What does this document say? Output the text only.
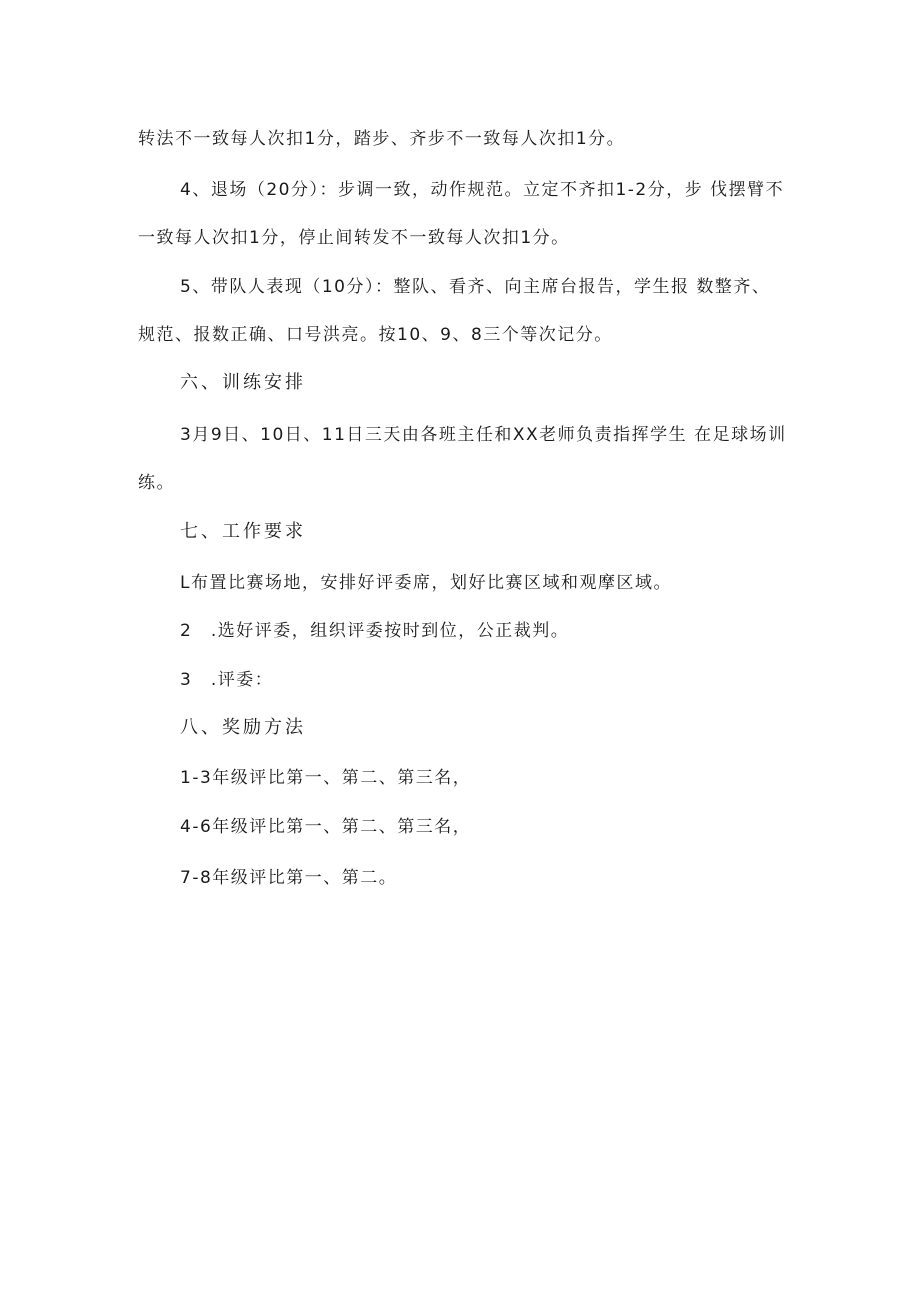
转法不一致每人次扣1分，踏步、齐步不一致每人次扣1分。
4、退场（20分）：步调一致，动作规范。立定不齐扣1-2分，步 伐摆臂不
一致每人次扣1分，停止间转发不一致每人次扣1分。
5、带队人表现（10分）：整队、看齐、向主席台报告，学生报 数整齐、
规范、报数正确、口号洪亮。按10、9、8三个等次记分。
六、训练安排
3月9日、10日、11日三天由各班主任和XX老师负责指挥学生 在足球场训
练。
七、工作要求
L布置比赛场地，安排好评委席，划好比赛区域和观摩区域。
2　.选好评委，组织评委按时到位，公正裁判。
3　.评委：
八、奖励方法
1-3年级评比第一、第二、第三名，
4-6年级评比第一、第二、第三名，
7-8年级评比第一、第二。
